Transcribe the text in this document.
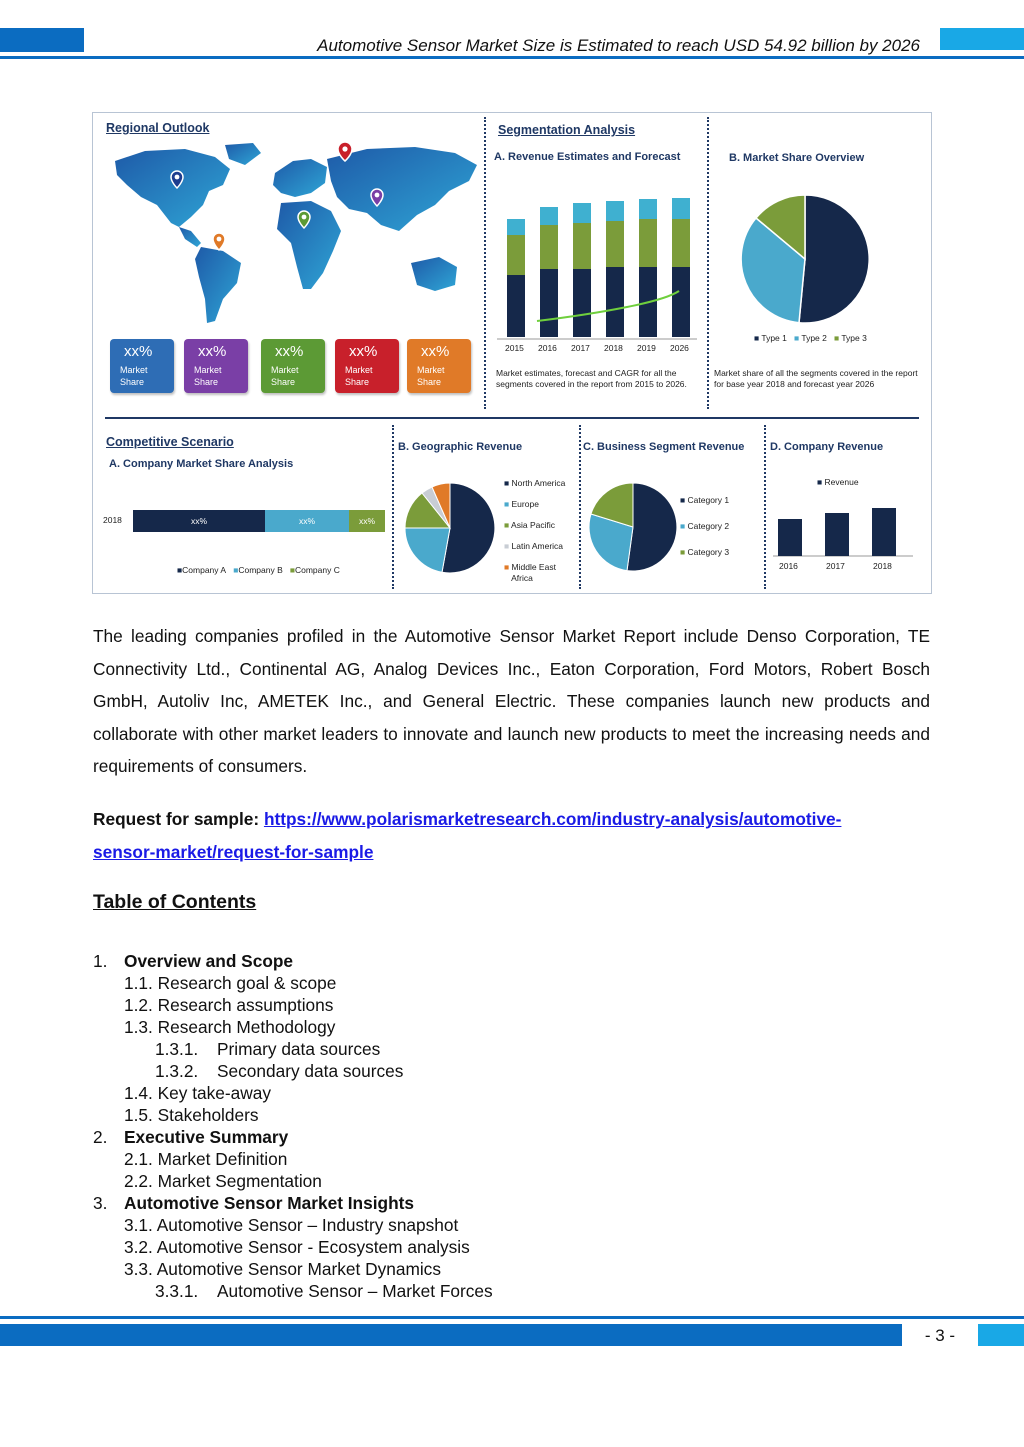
Automotive Sensor Market Size is Estimated to reach USD 54.92 billion by 2026
Regional Outlook
xx%
Market
Share
xx%
Market
Share
xx%
Market
Share
xx%
Market
Share
xx%
Market
Share
Segmentation Analysis
A. Revenue Estimates and Forecast
2015 2016 2017 2018 2019 2026
Market estimates, forecast and CAGR for all the segments covered in the report from 2015 to 2026.
B. Market Share Overview
■ Type 1 ■ Type 2 ■ Type 3
Market share of all the segments covered in the report for base year 2018 and forecast year 2026
Competitive Scenario
A. Company Market Share Analysis
2018	xx%	xx%	xx%
■Company A ■Company B ■Company C
B. Geographic Revenue
■ North America
■ Europe
■ Asia Pacific
■ Latin America
■ Middle East
Africa
C. Business Segment Revenue
■ Category 1
■ Category 2
■ Category 3
D. Company Revenue
■ Revenue
2016	2017	2018
The leading companies profiled in the Automotive Sensor Market Report include Denso Corporation, TE Connectivity Ltd., Continental AG, Analog Devices Inc., Eaton Corporation, Ford Motors, Robert Bosch GmbH, Autoliv Inc, AMETEK Inc., and General Electric. These companies launch new products and collaborate with other market leaders to innovate and launch new products to meet the increasing needs and requirements of consumers.
Request for sample: https://www.polarismarketresearch.com/industry-analysis/automotive-
sensor-market/request-for-sample
Table of Contents
1. Overview and Scope
1.1. Research goal & scope
1.2. Research assumptions
1.3. Research Methodology
1.3.1. Primary data sources
1.3.2. Secondary data sources
1.4. Key take-away
1.5. Stakeholders
2. Executive Summary
2.1. Market Definition
2.2. Market Segmentation
3. Automotive Sensor Market Insights
3.1. Automotive Sensor – Industry snapshot
3.2. Automotive Sensor - Ecosystem analysis
3.3. Automotive Sensor Market Dynamics
3.3.1. Automotive Sensor – Market Forces
- 3 -
